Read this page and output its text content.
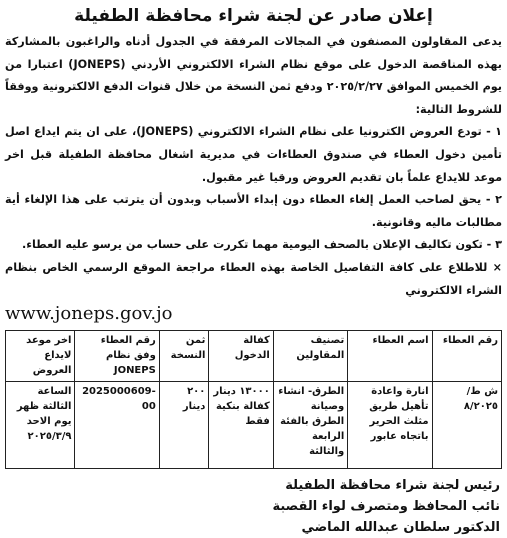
إعلان صادر عن لجنة شراء محافظة الطفيلة

يدعى المقاولون المصنفون في المجالات المرفقة في الجدول أدناه والراغبون بالمشاركة بهذه المناقصة الدخول على موقع نظام الشراء الالكتروني الأردني (JONEPS) اعتبارا من يوم الخميس الموافق ٢٠٢٥/٢/٢٧ ودفع ثمن النسخة من خلال قنوات الدفع الالكترونية ووفقاً للشروط التالية:

١ - تودع العروض الكترونيا على نظام الشراء الالكتروني (JONEPS)، على ان يتم ايداع اصل تأمين دخول العطاء في صندوق العطاءات في مديرية اشغال محافظة الطفيلة قبل اخر موعد للايداع علماً بان تقديم العروض ورقيا غير مقبول.

٢ - يحق لصاحب العمل إلغاء العطاء دون إبداء الأسباب وبدون أن يترتب على هذا الإلغاء أية مطالبات ماليه وقانونية.

٣ - تكون تكاليف الإعلان بالصحف اليومية مهما تكررت على حساب من يرسو عليه العطاء.

× للاطلاع على كافة التفاصيل الخاصة بهذه العطاء مراجعة الموقع الرسمي الخاص بنظام الشراء الالكتروني

www.joneps.gov.jo
رقم العطاء	اسم العطاء	تصنيف المقاولين	كفالة الدخول	ثمن النسخة	رقم العطاء وفق نظام JONEPS	اخر موعد لايداع العروض
ش ط/٨/٢٠٢٥	انارة واعادة تأهيل طريق مثلث الحرير باتجاه عابور	الطرق- انشاء وصيانة الطرق بالفئة الرابعة والثالثة	١٣٠٠٠ دينار كفالة بنكية فقط	٢٠٠ دينار	2025000609-00	الساعة الثالثة ظهر يوم الاحد ٢٠٢٥/٣/٩
رئيس لجنة شراء محافظة الطفيلة
نائب المحافظ ومتصرف لواء القصبة
الدكتور سلطان عبدالله الماضي
